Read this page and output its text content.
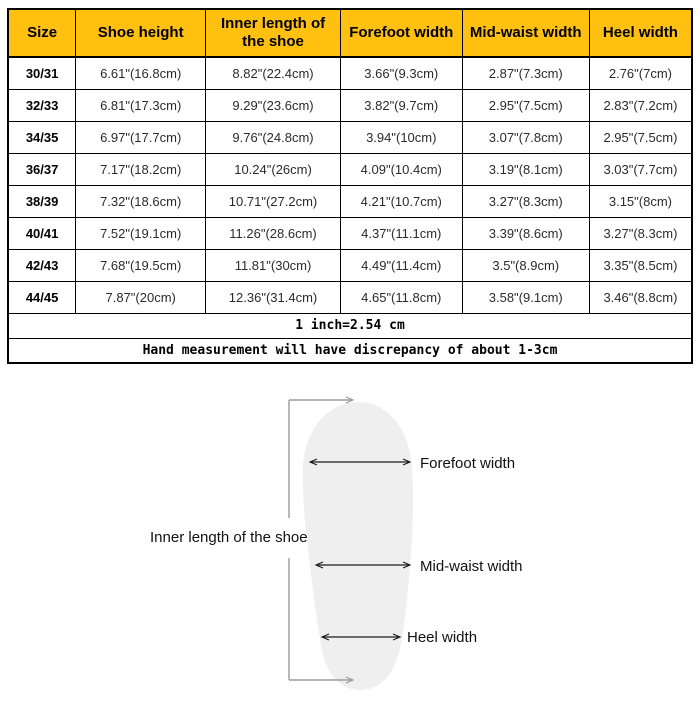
Size	Shoe height	Inner length of the shoe	Forefoot width	Mid-waist width	Heel width
30/31	6.61"(16.8cm)	8.82"(22.4cm)	3.66"(9.3cm)	2.87"(7.3cm)	2.76"(7cm)
32/33	6.81"(17.3cm)	9.29"(23.6cm)	3.82"(9.7cm)	2.95"(7.5cm)	2.83"(7.2cm)
34/35	6.97"(17.7cm)	9.76"(24.8cm)	3.94"(10cm)	3.07"(7.8cm)	2.95"(7.5cm)
36/37	7.17"(18.2cm)	10.24"(26cm)	4.09"(10.4cm)	3.19"(8.1cm)	3.03"(7.7cm)
38/39	7.32"(18.6cm)	10.71"(27.2cm)	4.21"(10.7cm)	3.27"(8.3cm)	3.15"(8cm)
40/41	7.52"(19.1cm)	11.26"(28.6cm)	4.37"(11.1cm)	3.39"(8.6cm)	3.27"(8.3cm)
42/43	7.68"(19.5cm)	11.81"(30cm)	4.49"(11.4cm)	3.5"(8.9cm)	3.35"(8.5cm)
44/45	7.87"(20cm)	12.36"(31.4cm)	4.65"(11.8cm)	3.58"(9.1cm)	3.46"(8.8cm)
1 inch=2.54 cm					
Hand measurement will have discrepancy of about 1-3cm					
Inner length of the shoe
Forefoot width
Mid-waist width
Heel width
